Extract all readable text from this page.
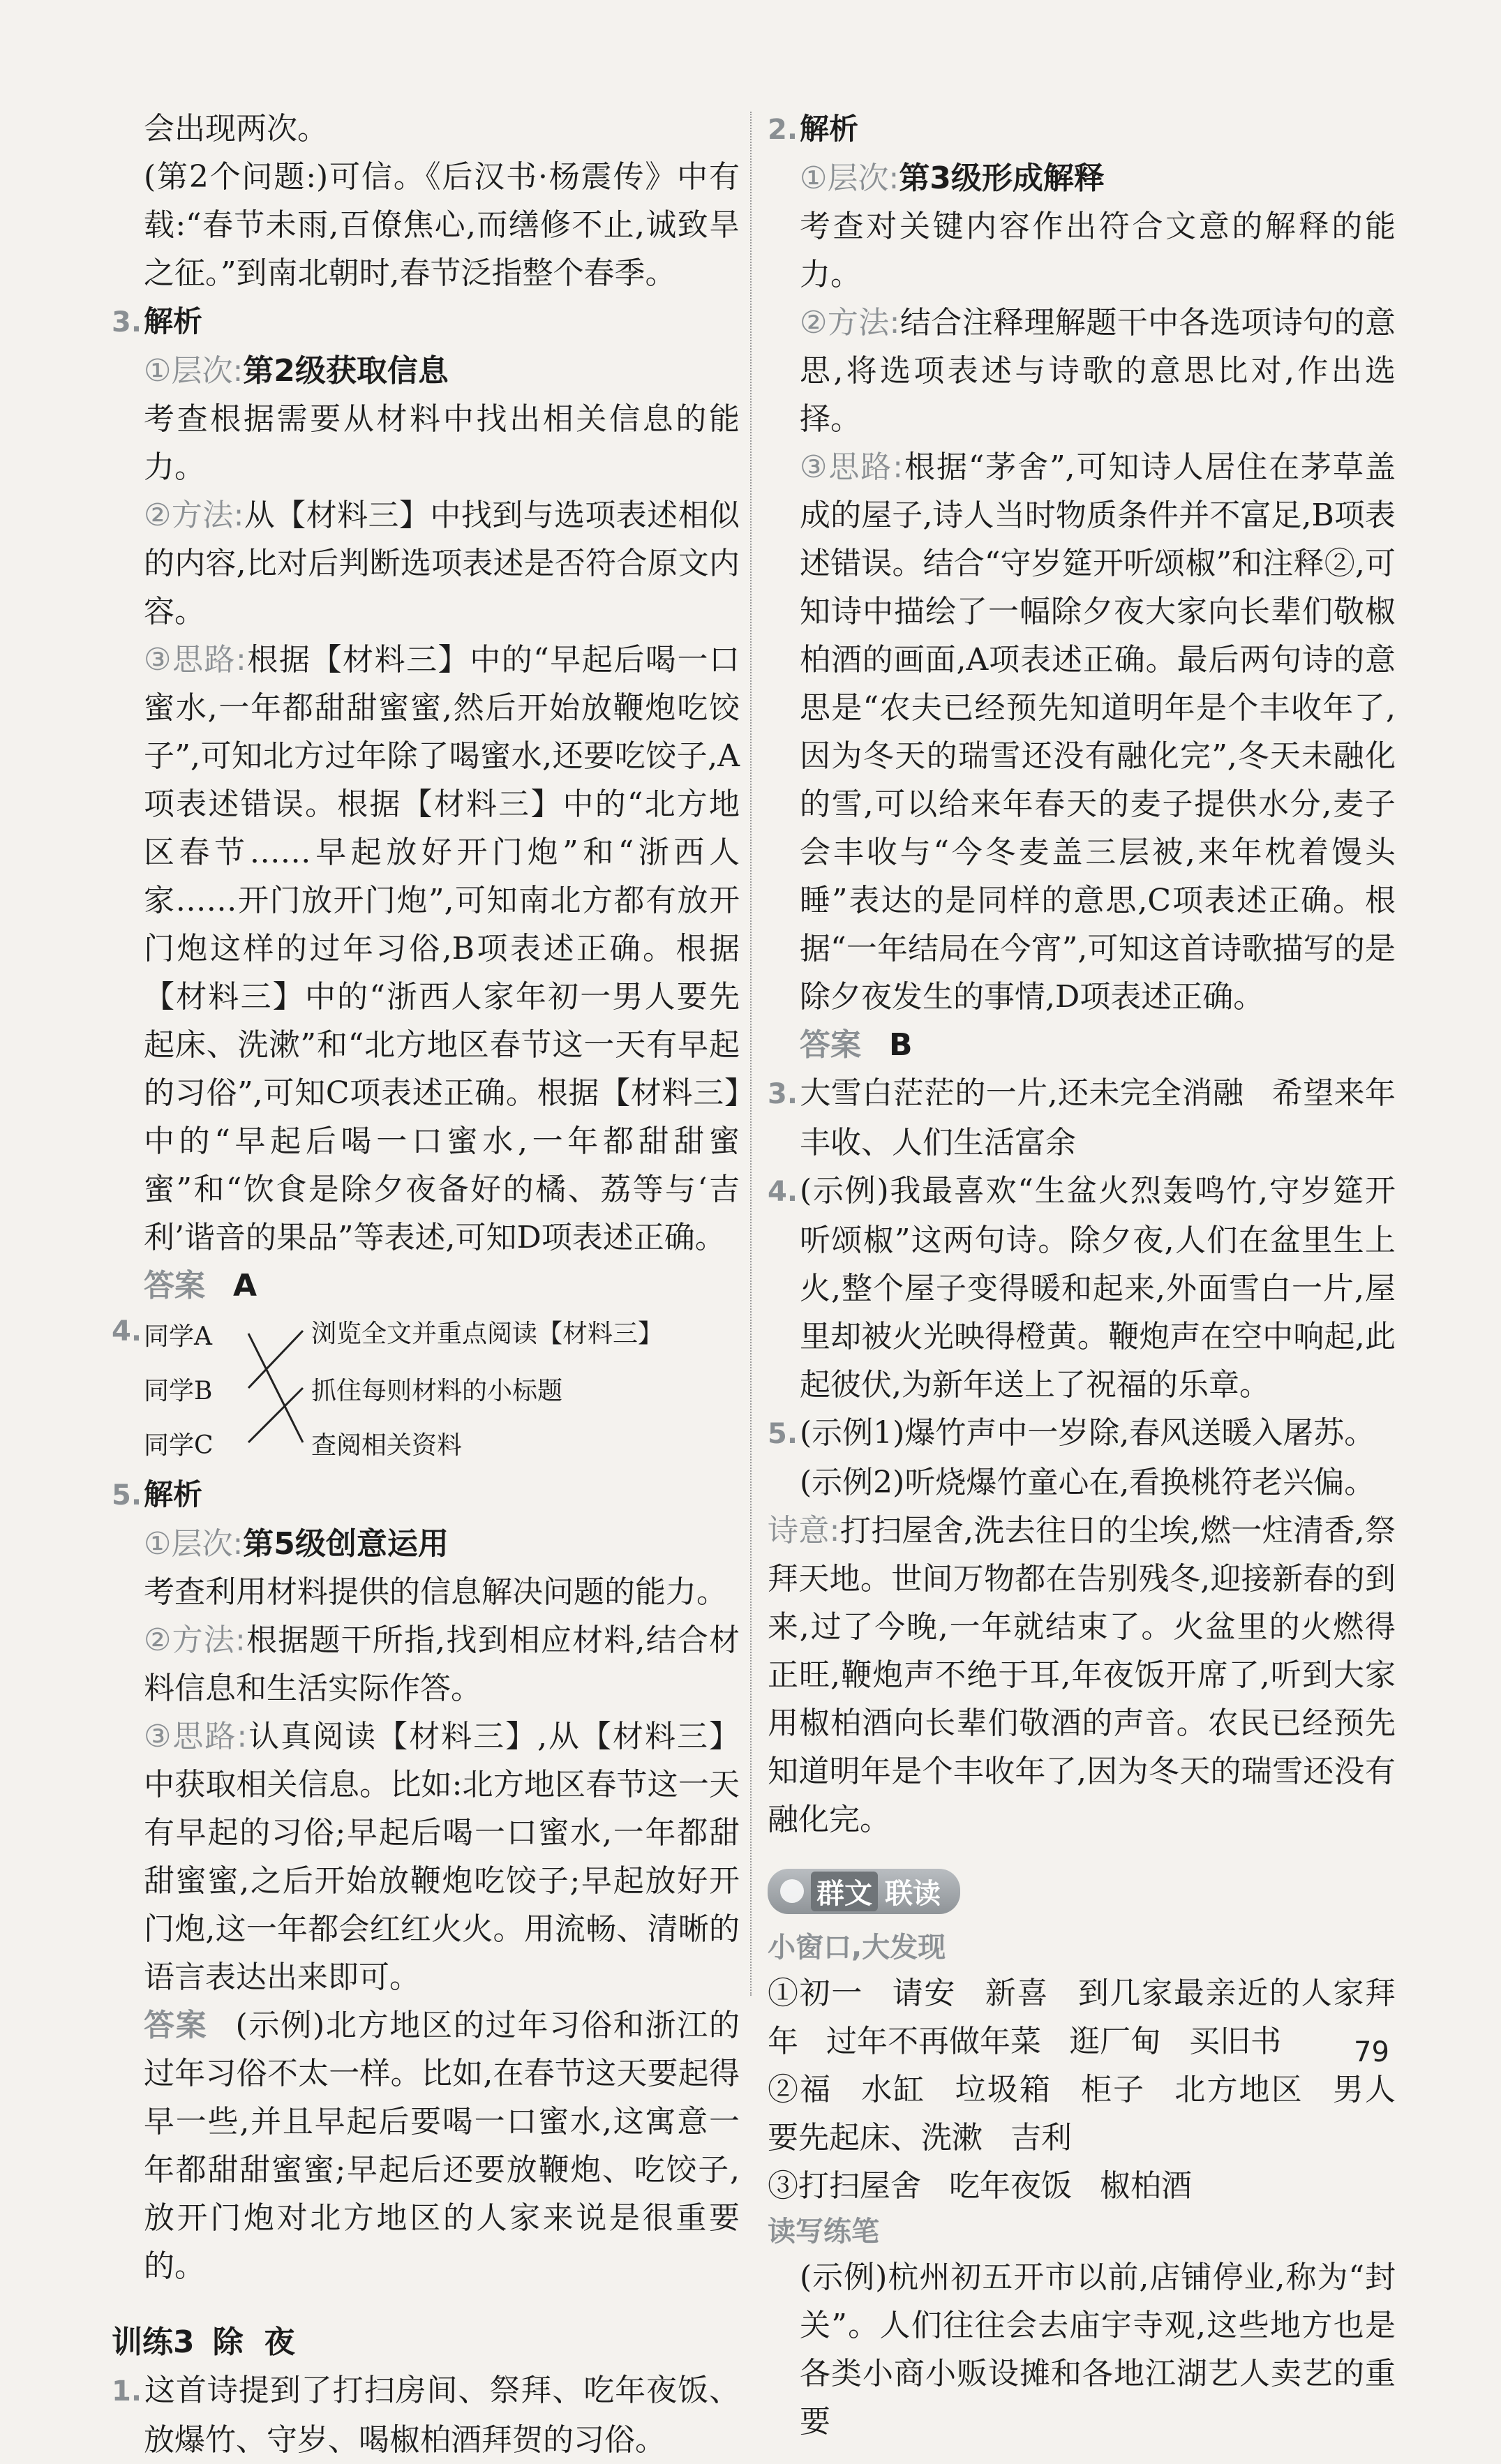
会出现两次。

(第2个问题:)可信。《后汉书·杨震传》中有载:“春节未雨,百僚焦心,而缮修不止,诚致旱之征。”到南北朝时,春节泛指整个春季。

3.解析

①层次:第2级获取信息

考查根据需要从材料中找出相关信息的能力。

②方法:从【材料三】中找到与选项表述相似的内容,比对后判断选项表述是否符合原文内容。

③思路:根据【材料三】中的“早起后喝一口蜜水,一年都甜甜蜜蜜,然后开始放鞭炮吃饺子”,可知北方过年除了喝蜜水,还要吃饺子,A项表述错误。根据【材料三】中的“北方地区春节……早起放好开门炮”和“浙西人家……开门放开门炮”,可知南北方都有放开门炮这样的过年习俗,B项表述正确。根据【材料三】中的“浙西人家年初一男人要先起床、洗漱”和“北方地区春节这一天有早起的习俗”,可知C项表述正确。根据【材料三】中的“早起后喝一口蜜水,一年都甜甜蜜蜜”和“饮食是除夕夜备好的橘、荔等与‘吉利’谐音的果品”等表述,可知D项表述正确。

答案 A

4. 同学A
同学B
同学C
浏览全文并重点阅读【材料三】
抓住每则材料的小标题
查阅相关资料

5.解析

①层次:第5级创意运用

考查利用材料提供的信息解决问题的能力。

②方法:根据题干所指,找到相应材料,结合材料信息和生活实际作答。

③思路:认真阅读【材料三】,从【材料三】中获取相关信息。比如:北方地区春节这一天有早起的习俗;早起后喝一口蜜水,一年都甜甜蜜蜜,之后开始放鞭炮吃饺子;早起放好开门炮,这一年都会红红火火。用流畅、清晰的语言表达出来即可。

答案 (示例)北方地区的过年习俗和浙江的过年习俗不太一样。比如,在春节这天要起得早一些,并且早起后要喝一口蜜水,这寓意一年都甜甜蜜蜜;早起后还要放鞭炮、吃饺子,放开门炮对北方地区的人家来说是很重要的。

训练3 除夜

1.这首诗提到了打扫房间、祭拜、吃年夜饭、放爆竹、守岁、喝椒柏酒拜贺的习俗。

2.解析

①层次:第3级形成解释

考查对关键内容作出符合文意的解释的能力。

②方法:结合注释理解题干中各选项诗句的意思,将选项表述与诗歌的意思比对,作出选择。

③思路:根据“茅舍”,可知诗人居住在茅草盖成的屋子,诗人当时物质条件并不富足,B项表述错误。结合“守岁筵开听颂椒”和注释②,可知诗中描绘了一幅除夕夜大家向长辈们敬椒柏酒的画面,A项表述正确。最后两句诗的意思是“农夫已经预先知道明年是个丰收年了,因为冬天的瑞雪还没有融化完”,冬天未融化的雪,可以给来年春天的麦子提供水分,麦子会丰收与“今冬麦盖三层被,来年枕着馒头睡”表达的是同样的意思,C项表述正确。根据“一年结局在今宵”,可知这首诗歌描写的是除夕夜发生的事情,D项表述正确。

答案 B

3.大雪白茫茫的一片,还未完全消融 希望来年丰收、人们生活富余

4.(示例)我最喜欢“生盆火烈轰鸣竹,守岁筵开听颂椒”这两句诗。除夕夜,人们在盆里生上火,整个屋子变得暖和起来,外面雪白一片,屋里却被火光映得橙黄。鞭炮声在空中响起,此起彼伏,为新年送上了祝福的乐章。

5.(示例1)爆竹声中一岁除,春风送暖入屠苏。

(示例2)听烧爆竹童心在,看换桃符老兴偏。

诗意:打扫屋舍,洗去往日的尘埃,燃一炷清香,祭拜天地。世间万物都在告别残冬,迎接新春的到来,过了今晚,一年就结束了。火盆里的火燃得正旺,鞭炮声不绝于耳,年夜饭开席了,听到大家用椒柏酒向长辈们敬酒的声音。农民已经预先知道明年是个丰收年了,因为冬天的瑞雪还没有融化完。

群文 联读

小窗口,大发现

①初一 请安 新喜 到几家最亲近的人家拜年 过年不再做年菜 逛厂甸 买旧书

②福 水缸 垃圾箱 柜子 北方地区 男人要先起床、洗漱 吉利

③打扫屋舍 吃年夜饭 椒柏酒

读写练笔

(示例)杭州初五开市以前,店铺停业,称为“封关”。人们往往会去庙宇寺观,这些地方也是各类小商小贩设摊和各地江湖艺人卖艺的重要

79
